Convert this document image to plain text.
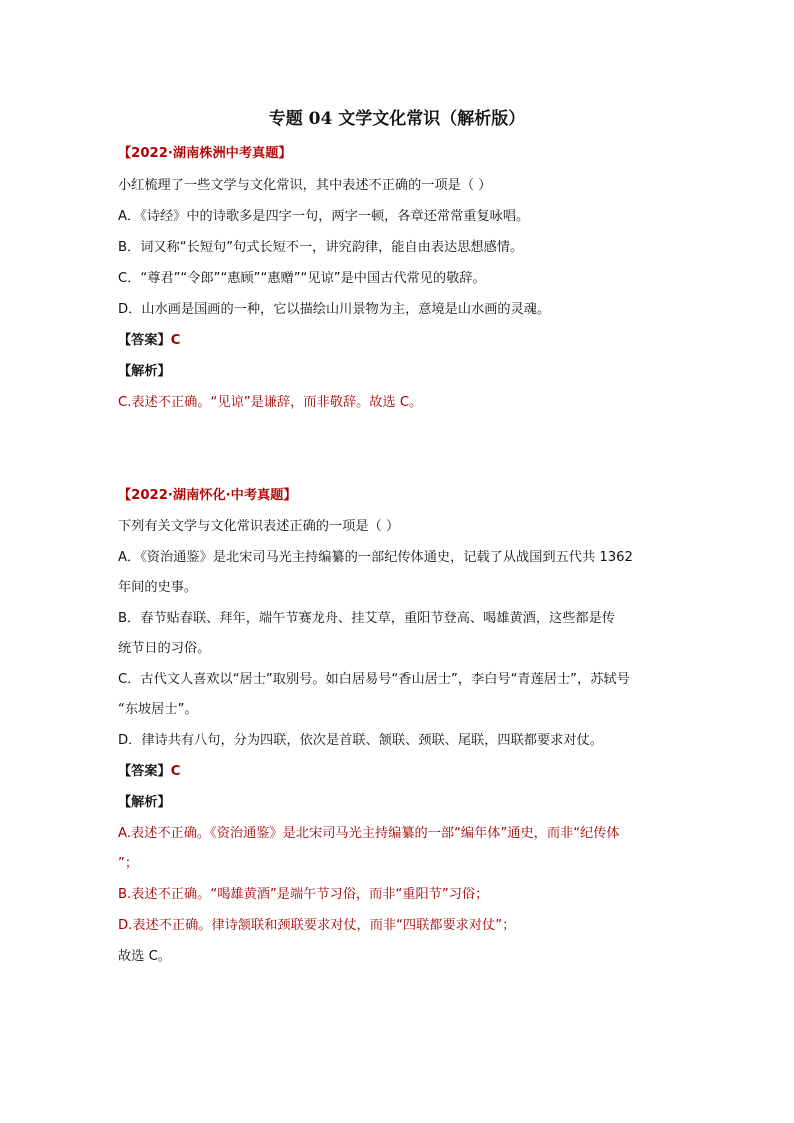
专题 04 文学文化常识（解析版）

【2022·湖南株洲中考真题】

小红梳理了一些文学与文化常识，其中表述不正确的一项是（ ）

A．《诗经》中的诗歌多是四字一句，两字一顿，各章还常常重复咏唱。

B．词又称“长短句”句式长短不一，讲究韵律，能自由表达思想感情。

C．“尊君”“令郎”“惠顾”“惠赠”“见谅”是中国古代常见的敬辞。

D．山水画是国画的一种，它以描绘山川景物为主，意境是山水画的灵魂。

【答案】C

【解析】

C.表述不正确。“见谅”是谦辞，而非敬辞。故选 C。

【2022·湖南怀化·中考真题】

下列有关文学与文化常识表述正确的一项是（ ）

A．《资治通鉴》是北宋司马光主持编纂的一部纪传体通史，记载了从战国到五代共 1362

年间的史事。

B．春节贴春联、拜年，端午节赛龙舟、挂艾草，重阳节登高、喝雄黄酒，这些都是传

统节日的习俗。

C．古代文人喜欢以“居士”取别号。如白居易号“香山居士”，李白号“青莲居士”，苏轼号

“东坡居士”。

D．律诗共有八句，分为四联，依次是首联、颔联、颈联、尾联，四联都要求对仗。

【答案】C

【解析】

A.表述不正确。《资治通鉴》是北宋司马光主持编纂的一部“编年体”通史，而非“纪传体

”；

B.表述不正确。“喝雄黄酒”是端午节习俗，而非“重阳节”习俗；

D.表述不正确。律诗颔联和颈联要求对仗，而非“四联都要求对仗”；

故选 C。
